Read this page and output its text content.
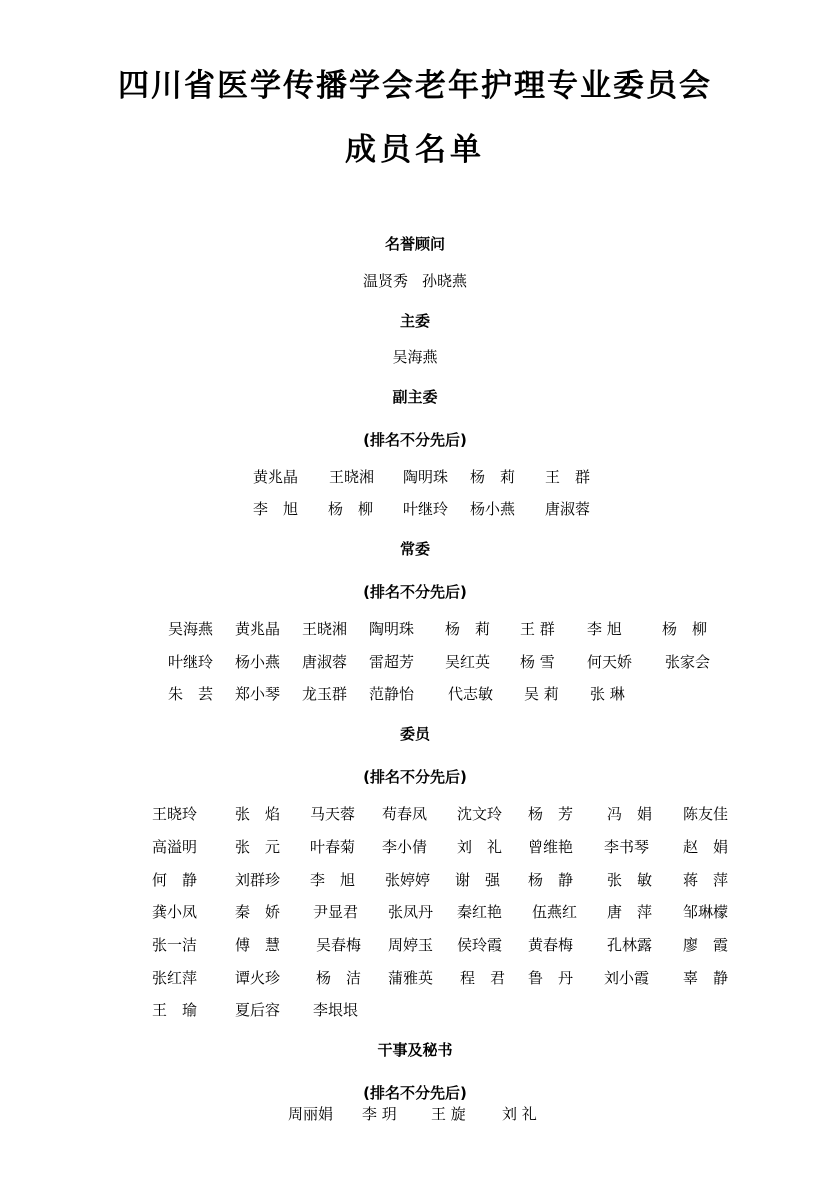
四川省医学传播学会老年护理专业委员会
成员名单
名誉顾问
温贤秀 孙晓燕
主委
吴海燕
副主委
(排名不分先后)
黄兆晶 王晓湘 陶明珠 杨　莉 王　群
李　旭 杨　柳 叶继玲 杨小燕 唐淑蓉
常委
(排名不分先后)
吴海燕 黄兆晶 王晓湘 陶明珠 杨　莉 王 群 李 旭	杨　柳
叶继玲 杨小燕 唐淑蓉 雷超芳 吴红英 杨 雪 何天娇 张家会
朱　芸 郑小琴 龙玉群 范静怡 代志敏 吴 莉 张 琳
委员
(排名不分先后)
王晓玲	张　焰 马天蓉 苟春凤 沈文玲 杨　芳 冯　娟 陈友佳
高溢明	张　元 叶春菊 李小倩 刘　礼 曾维艳 李书琴 赵　娟
何　静	刘群珍 李　旭 张婷婷 谢　强 杨　静 张　敏 蒋　萍
龚小凤	秦　娇 尹显君 张凤丹 秦红艳 伍燕红 唐　萍 邹琳檬
张一洁	傅　慧 吴春梅 周婷玉 侯玲霞 黄春梅 孔林露 廖　霞
张红萍	谭火珍 杨　洁 蒲雅英 程　君 鲁　丹 刘小霞 辜　静
王　瑜	夏后容 李垠垠
干事及秘书
(排名不分先后)
周丽娟 李 玥 王 旋 刘 礼
